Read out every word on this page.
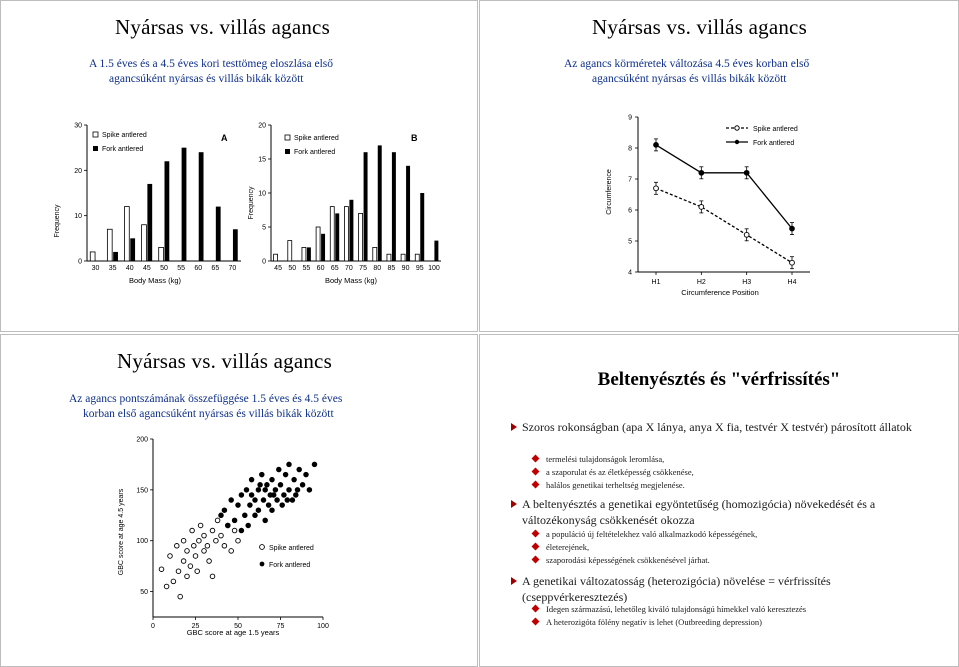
Nyársas vs. villás agancs
A 1.5 éves és a 4.5 éves kori testtömeg eloszlása első
agancsúként nyársas és villás bikák között
Frequency
Body Mass (kg)
A
Spike antlered
Fork antlered
0
10
20
30
30 35 40 45 50 55 60 65 70
Frequency
Body Mass (kg)
B
Spike antlered
Fork antlered
0
5
10
15
20
45 50 55 60 65 70 75 80 85 90 95 100
Nyársas vs. villás agancs
Az agancs körméretek változása 4.5 éves korban első
agancsúként nyársas és villás bikák között
Circumference
Circumference Position
Spike antlered
Fork antlered
4
5
6
7
8
9
H1	H2	H3	H4
Nyársas vs. villás agancs
Az agancs pontszámának összefüggése 1.5 éves és 4.5 éves
korban első agancsúként nyársas és villás bikák között
GBC score at age 4.5 years
GBC score at age 1.5 years
Spike antlered
Fork antlered
50
100
150
200
0	25	50	75	100
Beltenyésztés és "vérfrissítés"
Szoros rokonságban (apa X lánya, anya X fia, testvér X testvér) párosított állatok
termelési tulajdonságok leromlása,
a szaporulat és az életképesség csökkenése,
halálos genetikai terheltség megjelenése.
A beltenyésztés a genetikai egyöntetűség (homozigócia) növekedését és a változékonyság csökkenését okozza
a populáció új feltételekhez való alkalmazkodó képességének,
életerejének,
szaporodási képességének csökkenésével járhat.
A genetikai változatosság (heterozigócia) növelése = vérfrissítés (cseppvérkeresztezés)
Idegen származású, lehetőleg kiváló tulajdonságú hímekkel való keresztezés
A heterozigóta fölény negatív is lehet (Outbreeding depression)
